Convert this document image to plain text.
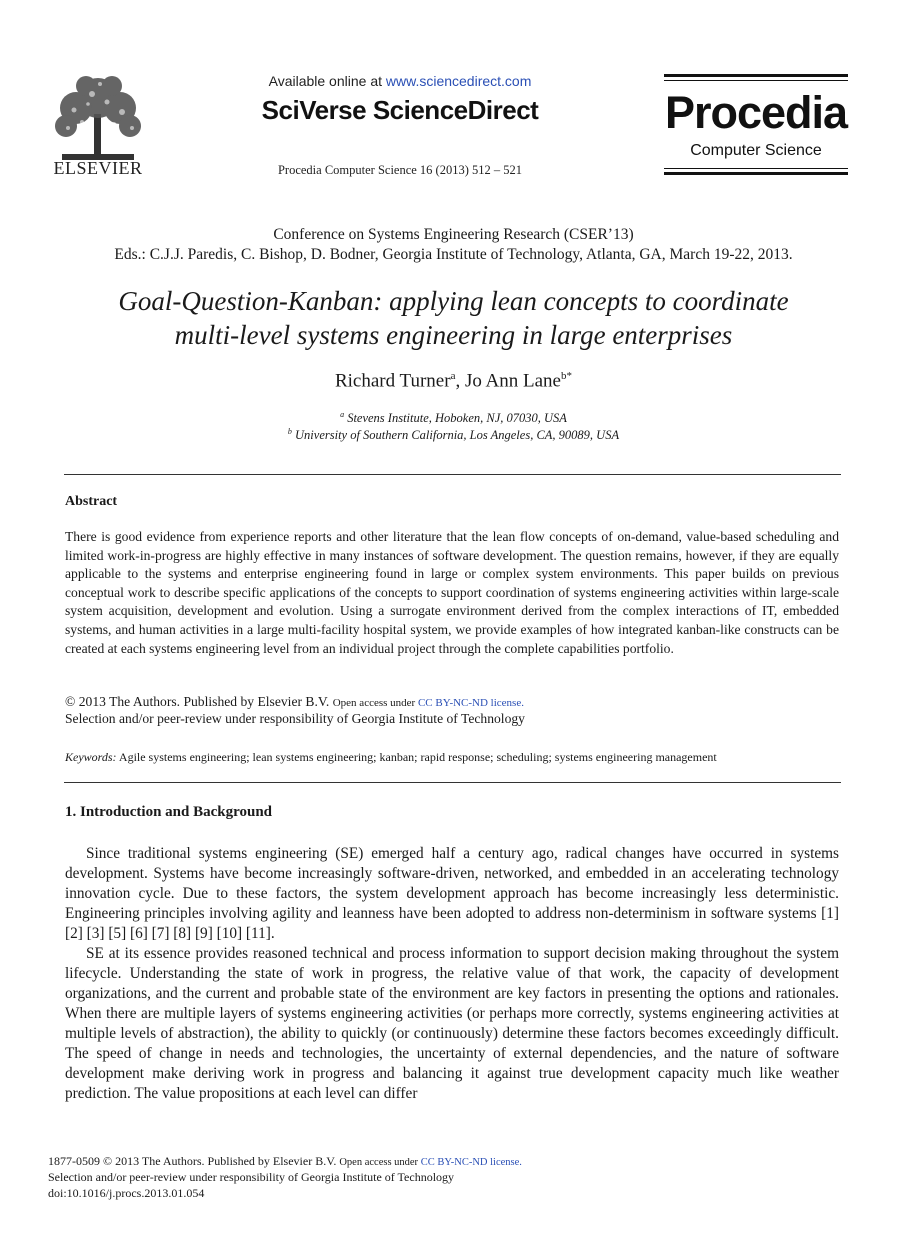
ELSEVIER
Available online at www.sciencedirect.com
SciVerse ScienceDirect
Procedia Computer Science 16 (2013) 512 – 521
Procedia
Computer Science
Conference on Systems Engineering Research (CSER’13)
Eds.: C.J.J. Paredis, C. Bishop, D. Bodner, Georgia Institute of Technology, Atlanta, GA, March 19-22, 2013.
Goal-Question-Kanban: applying lean concepts to coordinate
multi-level systems engineering in large enterprises
Richard Turner$^a$, Jo Ann Lane$^{b*}$
$^a$ Stevens Institute, Hoboken, NJ, 07030, USA
$^b$ University of Southern California, Los Angeles, CA, 90089, USA
Abstract
There is good evidence from experience reports and other literature that the lean flow concepts of on-demand, value-based scheduling and limited work-in-progress are highly effective in many instances of software development. The question remains, however, if they are equally applicable to the systems and enterprise engineering found in large or complex system environments. This paper builds on previous conceptual work to describe specific applications of the concepts to support coordination of systems engineering activities within large-scale system acquisition, development and evolution. Using a surrogate environment derived from the complex interactions of IT, embedded systems, and human activities in a large multi-facility hospital system, we provide examples of how integrated kanban-like constructs can be created at each systems engineering level from an individual project through the complete capabilities portfolio.
© 2013 The Authors. Published by Elsevier B.V. Open access under CC BY-NC-ND license.
Selection and/or peer-review under responsibility of Georgia Institute of Technology
Keywords: Agile systems engineering; lean systems engineering; kanban; rapid response; scheduling; systems engineering management
1. Introduction and Background
Since traditional systems engineering (SE) emerged half a century ago, radical changes have occurred in systems development. Systems have become increasingly software-driven, networked, and embedded in an accelerating technology innovation cycle. Due to these factors, the system development approach has become increasingly less deterministic. Engineering principles involving agility and leanness have been adopted to address non-determinism in software systems [1] [2] [3] [5] [6] [7] [8] [9] [10] [11].
SE at its essence provides reasoned technical and process information to support decision making throughout the system lifecycle. Understanding the state of work in progress, the relative value of that work, the capacity of development organizations, and the current and probable state of the environment are key factors in presenting the options and rationales. When there are multiple layers of systems engineering activities (or perhaps more correctly, systems engineering activities at multiple levels of abstraction), the ability to quickly (or continuously) determine these factors becomes exceedingly difficult. The speed of change in needs and technologies, the uncertainty of external dependencies, and the nature of software development make deriving work in progress and balancing it against true development capacity much like weather prediction. The value propositions at each level can differ
1877-0509 © 2013 The Authors. Published by Elsevier B.V. Open access under CC BY-NC-ND license.
Selection and/or peer-review under responsibility of Georgia Institute of Technology
doi:10.1016/j.procs.2013.01.054
